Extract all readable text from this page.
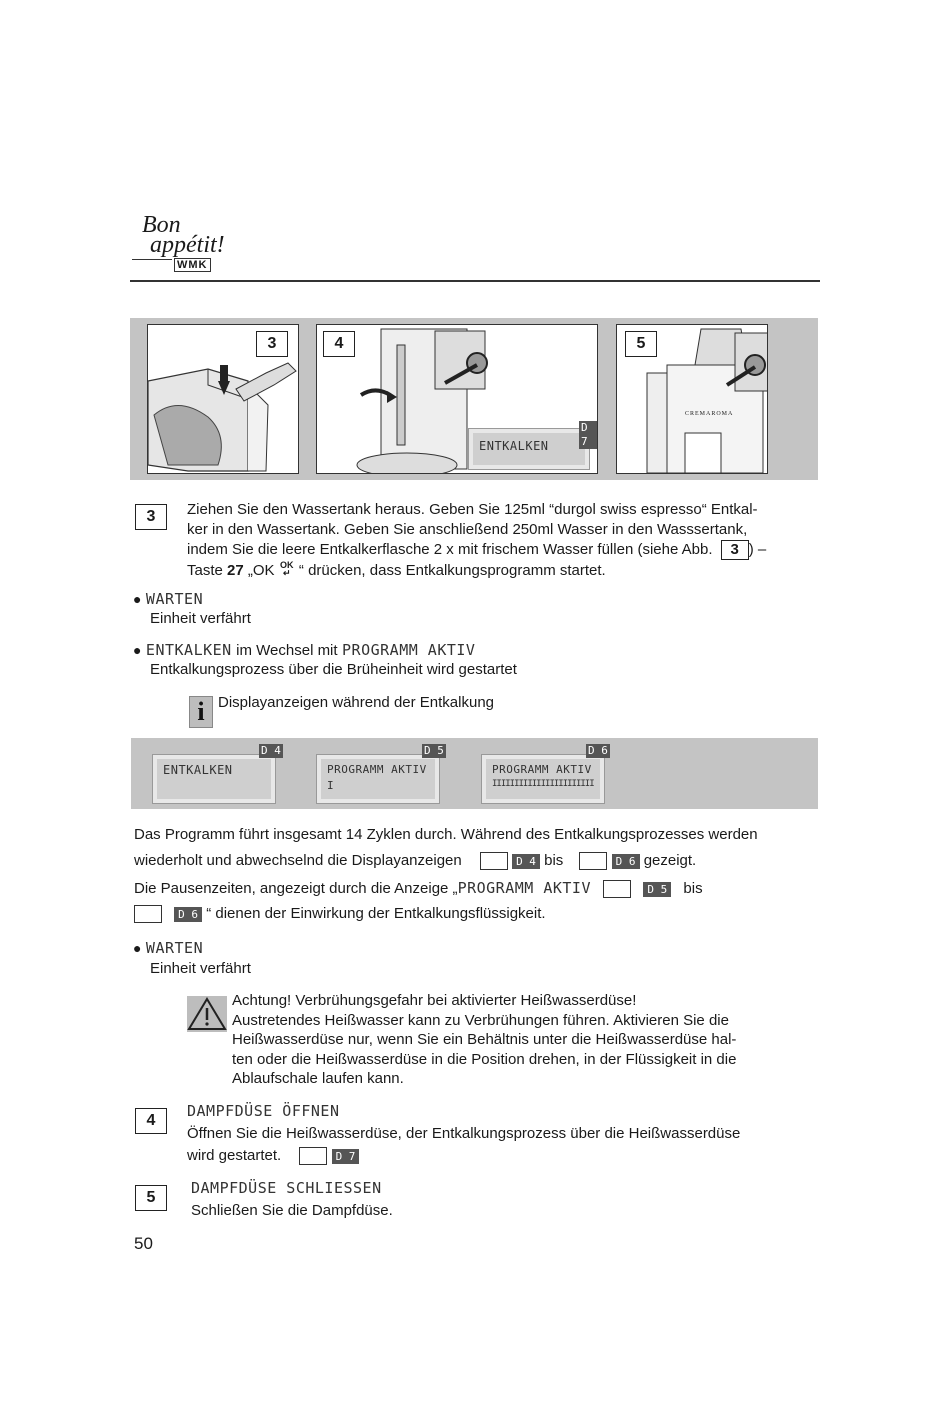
Bon
appétit!
WMK
3	4
ENTKALKEN
D 7
5
CREMAROMA
3	Ziehen Sie den Wassertank heraus. Geben Sie 125ml “durgol swiss espresso“ Entkal-
ker in den Wassertank. Geben Sie anschließend 250ml Wasser in den Wasssertank,
indem Sie die leere Entkalkerflasche 2 x mit frischem Wasser füllen (siehe Abb. 3 ) –
Taste 27 „OK OK
↵ “ drücken, dass Entkalkungsprogramm startet.
● WARTEN
Einheit verfährt
● ENTKALKEN im Wechsel mit PROGRAMM AKTIV
Entkalkungsprozess über die Brüheinheit wird gestartet
i Displayanzeigen während der Entkalkung
ENTKALKEN
D 4
PROGRAMM AKTIV
I
D 5
PROGRAMM AKTIV
IIIIIIIIIIIIIIIIIIIIIII
D 6
Das Programm führt insgesamt 14 Zyklen durch. Während des Entkalkungsprozesses werden
wiederholt und abwechselnd die Displayanzeigen	D 4 bis	D 6 gezeigt.
Die Pausenzeiten, angezeigt durch die Anzeige „PROGRAMM AKTIV	D 5 bis
D 6 “ dienen der Einwirkung der Entkalkungsflüssigkeit.
● WARTEN
Einheit verfährt
Achtung! Verbrühungsgefahr bei aktivierter Heißwasserdüse!
Austretendes Heißwasser kann zu Verbrühungen führen. Aktivieren Sie die
Heißwasserdüse nur, wenn Sie ein Behältnis unter die Heißwasserdüse hal-
ten oder die Heißwasserdüse in die Position drehen, in der Flüssigkeit in die
Ablaufschale laufen kann.
4
DAMPFDÜSE ÖFFNEN
Öffnen Sie die Heißwasserdüse, der Entkalkungsprozess über die Heißwasserdüse
wird gestartet.	D 7
5
DAMPFDÜSE SCHLIESSEN
Schließen Sie die Dampfdüse.
50
